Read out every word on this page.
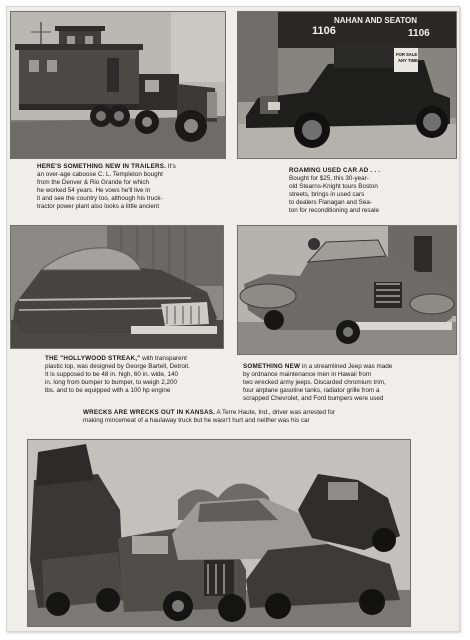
NAHAN AND SEATON
1106	1106
FOR SALE
ANY TIME
HERE'S SOMETHING NEW IN TRAILERS. It's
an over-age caboose C. L. Templeton bought
from the Denver & Rio Grande for which
he worked 54 years. He vows he'll live in
it and see the country too, although his truck-
tractor power plant also looks a little ancient
ROAMING USED CAR AD . . .
Bought for $25, this 30-year-
old Stearns-Knight tours Boston
streets, brings in used cars
to dealers Flanagan and Sea-
ton for reconditioning and resale
THE "HOLLYWOOD STREAK," with transparent
plastic top, was designed by George Bartell, Detroit.
It is supposed to be 48 in. high, 60 in. wide, 140
in. long from bumper to bumper, to weigh 2,200
lbs. and to be equipped with a 100 hp engine
SOMETHING NEW in a streamlined Jeep was made
by ordnance maintenance men in Hawaii from
two wrecked army jeeps. Discarded chromium trim,
four airplane gasoline tanks, radiator grille from a
scrapped Chevrolet, and Ford bumpers were used
WRECKS ARE WRECKS OUT IN KANSAS. A Terre Haute, Ind., driver was arrested for
making mincemeat of a haulaway truck but he wasn't hurt and neither was his car
